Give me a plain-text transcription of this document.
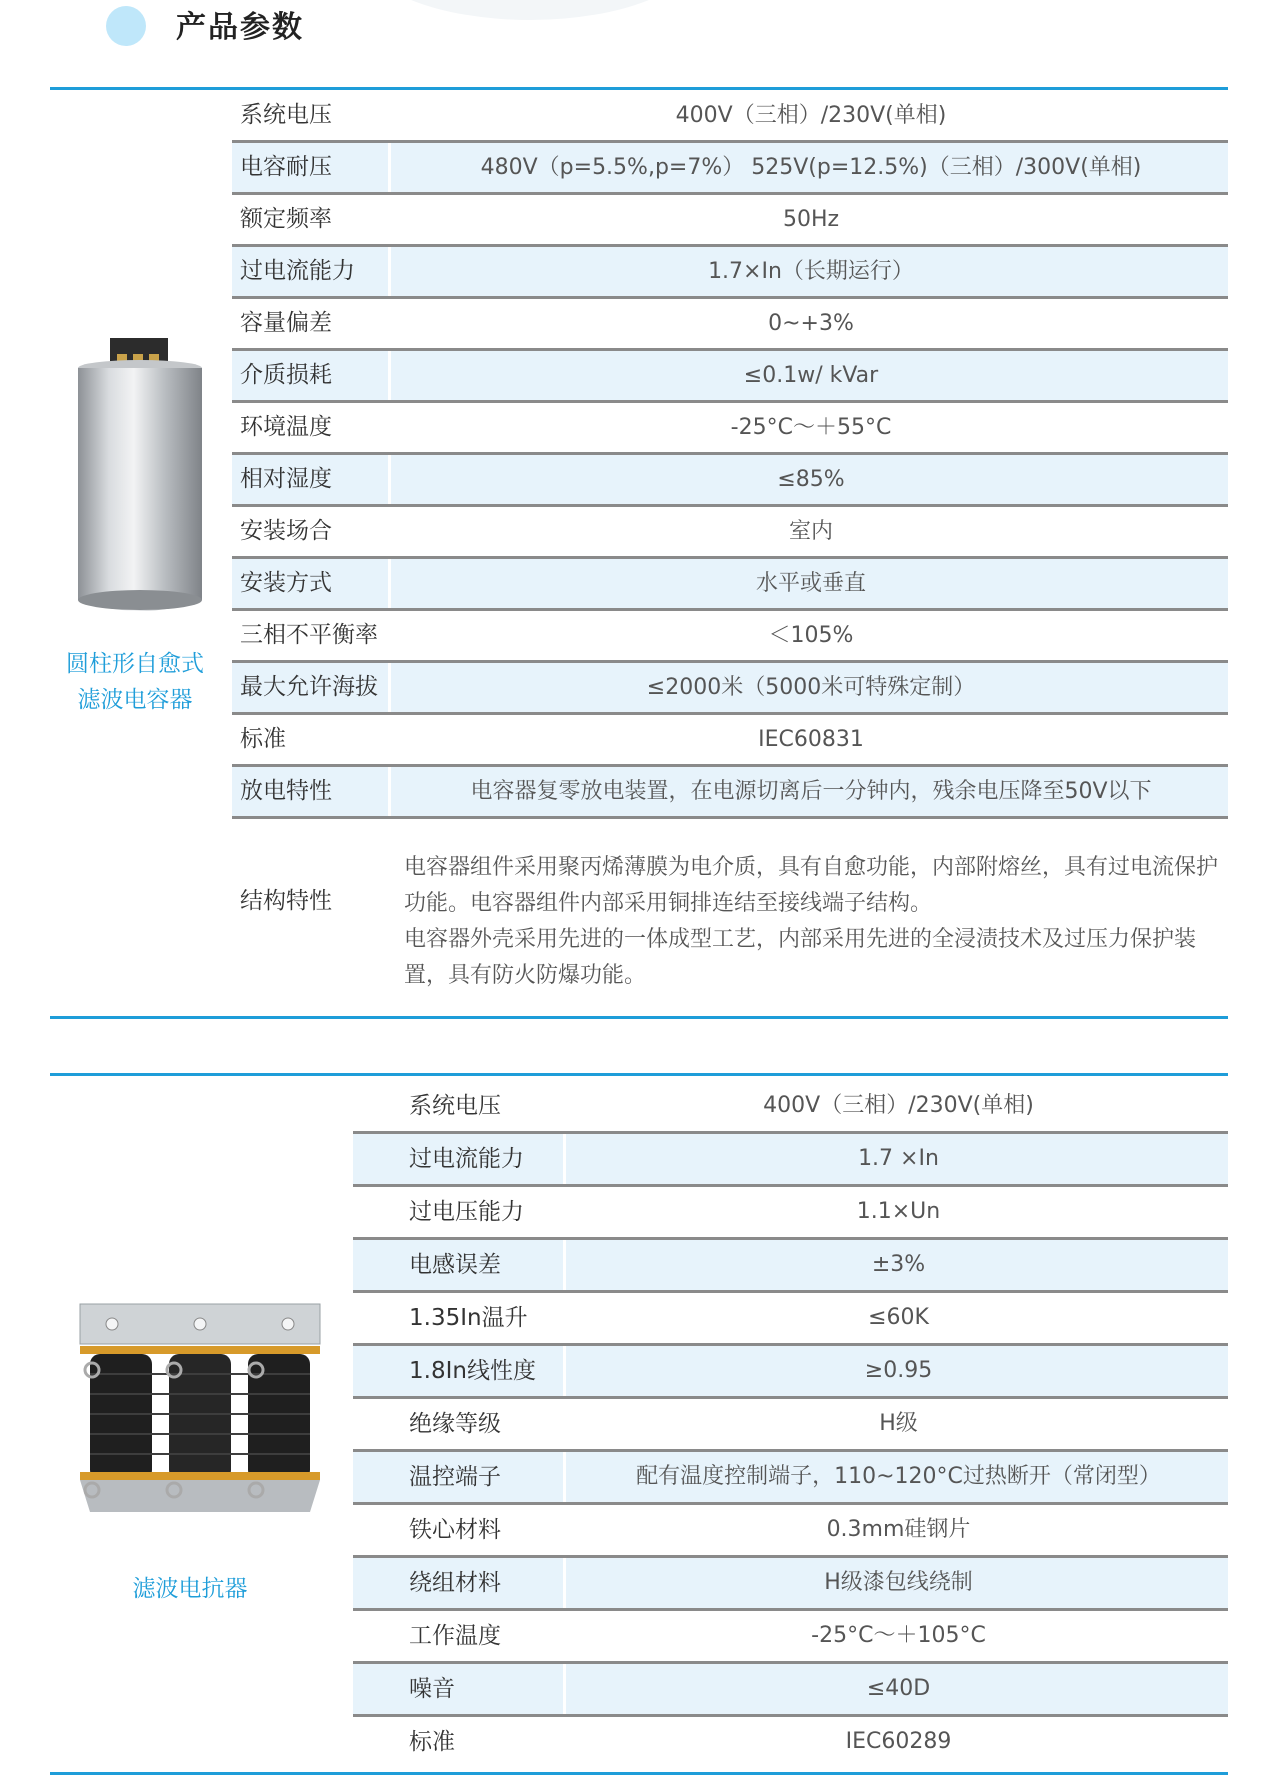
产品参数
圆柱形自愈式
滤波电容器
系统电压	400V（三相）/230V(单相)
电容耐压	480V（p=5.5%,p=7%） 525V(p=12.5%)（三相）/300V(单相)
额定频率	50Hz
过电流能力	1.7×In（长期运行）
容量偏差	0~+3%
介质损耗	≤0.1w/ kVar
环境温度	-25°C～＋55°C
相对湿度	≤85%
安装场合	室内
安装方式	水平或垂直
三相不平衡率	＜105%
最大允许海拔	≤2000米（5000米可特殊定制）
标准	IEC60831
放电特性	电容器复零放电装置，在电源切离后一分钟内，残余电压降至50V以下
结构特性

电容器组件采用聚丙烯薄膜为电介质，具有自愈功能，内部附熔丝，具有过电流保护功能。电容器组件内部采用铜排连结至接线端子结构。

电容器外壳采用先进的一体成型工艺，内部采用先进的全浸渍技术及过压力保护装置，具有防火防爆功能。

滤波电抗器
系统电压	400V（三相）/230V(单相)
过电流能力	1.7 ×In
过电压能力	1.1×Un
电感误差	±3%
1.35In温升	≤60K
1.8In线性度	≥0.95
绝缘等级	H级
温控端子	配有温度控制端子，110~120°C过热断开（常闭型）
铁心材料	0.3mm硅钢片
绕组材料	H级漆包线绕制
工作温度	-25°C～＋105°C
噪音	≤40D
标准	IEC60289
